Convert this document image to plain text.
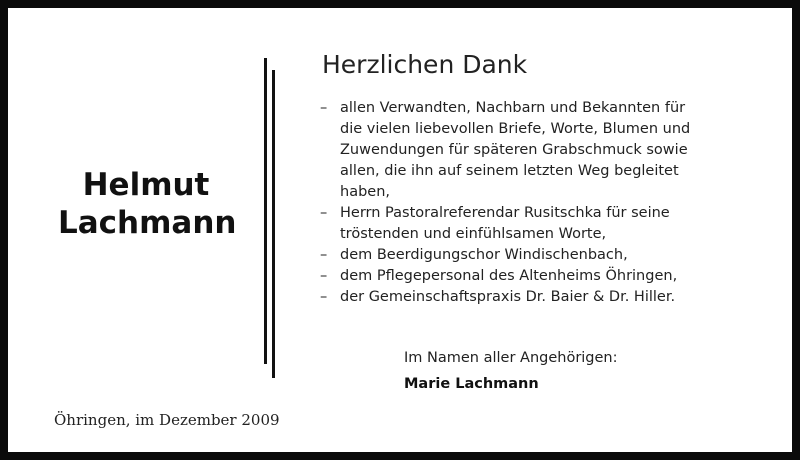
Helmut
Lachmann
Herzlichen Dank
– allen Verwandten, Nachbarn und Bekannten für
die vielen liebevollen Briefe, Worte, Blumen und
Zuwendungen für späteren Grabschmuck sowie
allen, die ihn auf seinem letzten Weg begleitet
haben,
– Herrn Pastoralreferendar Rusitschka für seine
tröstenden und einfühlsamen Worte,
– dem Beerdigungschor Windischenbach,
– dem Pflegepersonal des Altenheims Öhringen,
– der Gemeinschaftspraxis Dr. Baier & Dr. Hiller.
Im Namen aller Angehörigen:
Marie Lachmann
Öhringen, im Dezember 2009
